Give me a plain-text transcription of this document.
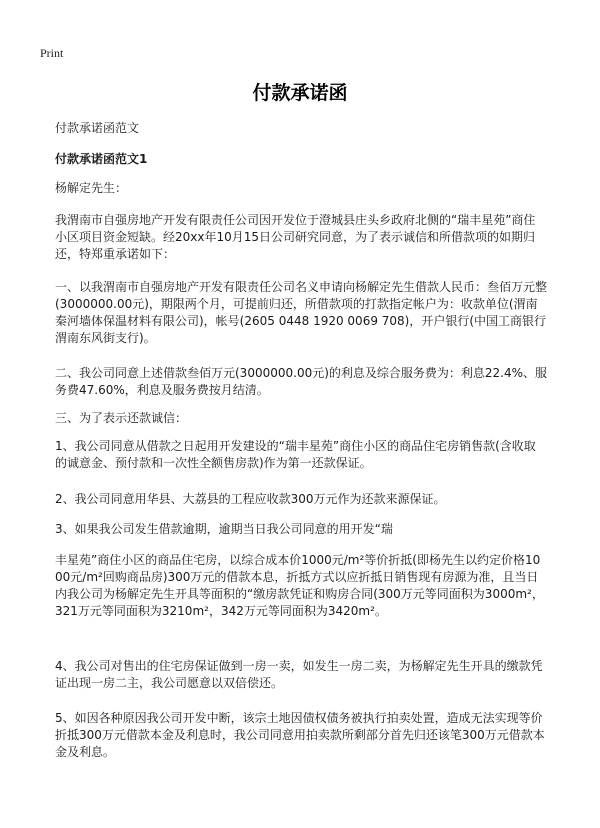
Print
付款承诺函

付款承诺函范文

付款承诺函范文1

杨解定先生：

我渭南市自强房地产开发有限责任公司因开发位于澄城县庄头乡政府北侧的“瑞丰星苑”商住小区项目资金短缺。经20xx年10月15日公司研究同意，为了表示诚信和所借款项的如期归还，特郑重承诺如下：

一、以我渭南市自强房地产开发有限责任公司名义申请向杨解定先生借款人民币：叁佰万元整(3000000.00元)，期限两个月，可提前归还，所借款项的打款指定帐户为：收款单位(渭南秦河墙体保温材料有限公司)，帐号(2605 0448 1920 0069 708)，开户银行(中国工商银行渭南东风街支行)。

二、我公司同意上述借款叁佰万元(3000000.00元)的利息及综合服务费为：利息22.4%、服务费47.60%，利息及服务费按月结清。

三、为了表示还款诚信：

1、我公司同意从借款之日起用开发建设的“瑞丰星苑”商住小区的商品住宅房销售款(含收取的诚意金、预付款和一次性全额售房款)作为第一还款保证。

2、我公司同意用华县、大荔县的工程应收款300万元作为还款来源保证。

3、如果我公司发生借款逾期，逾期当日我公司同意的用开发“瑞

丰星苑”商住小区的商品住宅房，以综合成本价1000元/m²等价折抵(即杨先生以约定价格1000元/m²回购商品房)300万元的借款本息，折抵方式以应折抵日销售现有房源为准，且当日内我公司为杨解定先生开具等面积的“缴房款凭证和购房合同(300万元等同面积为3000m²，321万元等同面积为3210m²，342万元等同面积为3420m²。

4、我公司对售出的住宅房保证做到一房一卖，如发生一房二卖，为杨解定先生开具的缴款凭证出现一房二主，我公司愿意以双倍偿还。

5、如因各种原因我公司开发中断，该宗土地因债权债务被执行拍卖处置，造成无法实现等价折抵300万元借款本金及利息时，我公司同意用拍卖款所剩部分首先归还该笔300万元借款本金及利息。
